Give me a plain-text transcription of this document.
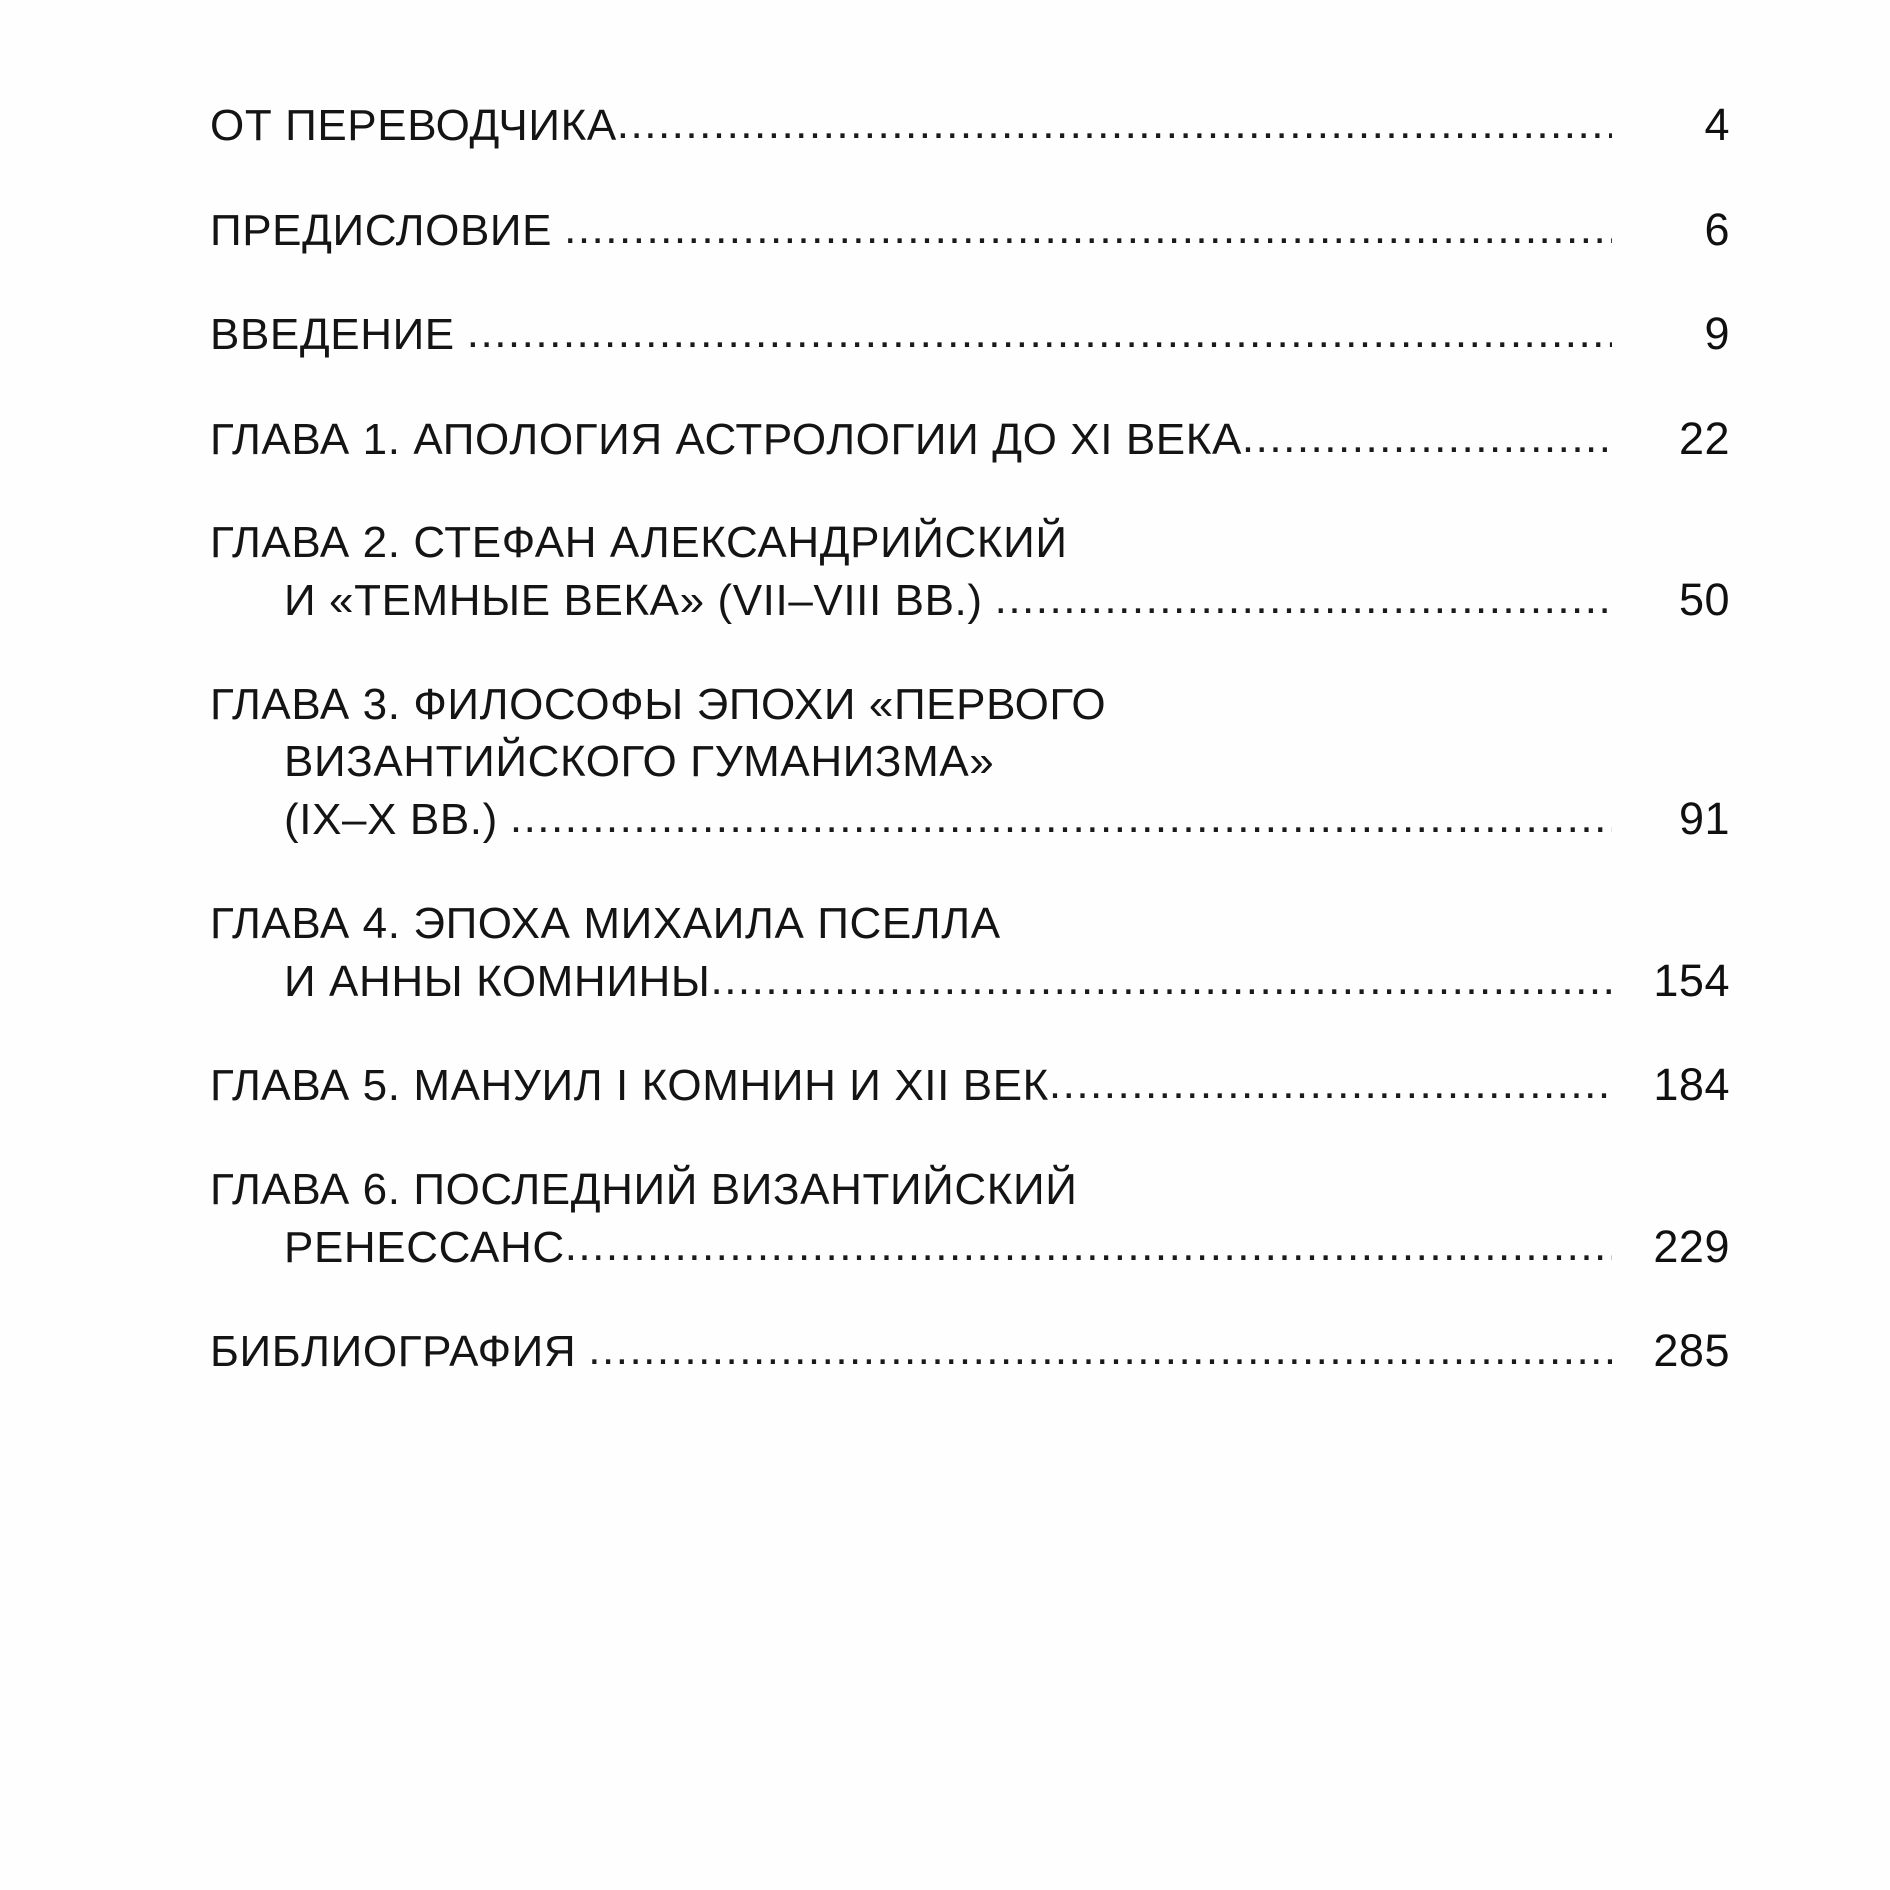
ОТ ПЕРЕВОДЧИКА .....	4
ПРЕДИСЛОВИЕ .....	6
ВВЕДЕНИЕ .....	9
ГЛАВА 1. АПОЛОГИЯ АСТРОЛОГИИ ДО XI ВЕКА .....	22
ГЛАВА 2. СТЕФАН АЛЕКСАНДРИЙСКИЙ
И «ТЕМНЫЕ ВЕКА» (VII–VIII ВВ.) .....	50
ГЛАВА 3. ФИЛОСОФЫ ЭПОХИ «ПЕРВОГО
ВИЗАНТИЙСКОГО ГУМАНИЗМА»
(IX–X ВВ.) .....	91
ГЛАВА 4. ЭПОХА МИХАИЛА ПСЕЛЛА
И АННЫ КОМНИНЫ .....	154
ГЛАВА 5. МАНУИЛ I КОМНИН И XII ВЕК .....	184
ГЛАВА 6. ПОСЛЕДНИЙ ВИЗАНТИЙСКИЙ
РЕНЕССАНС .....	229
БИБЛИОГРАФИЯ .....	285
